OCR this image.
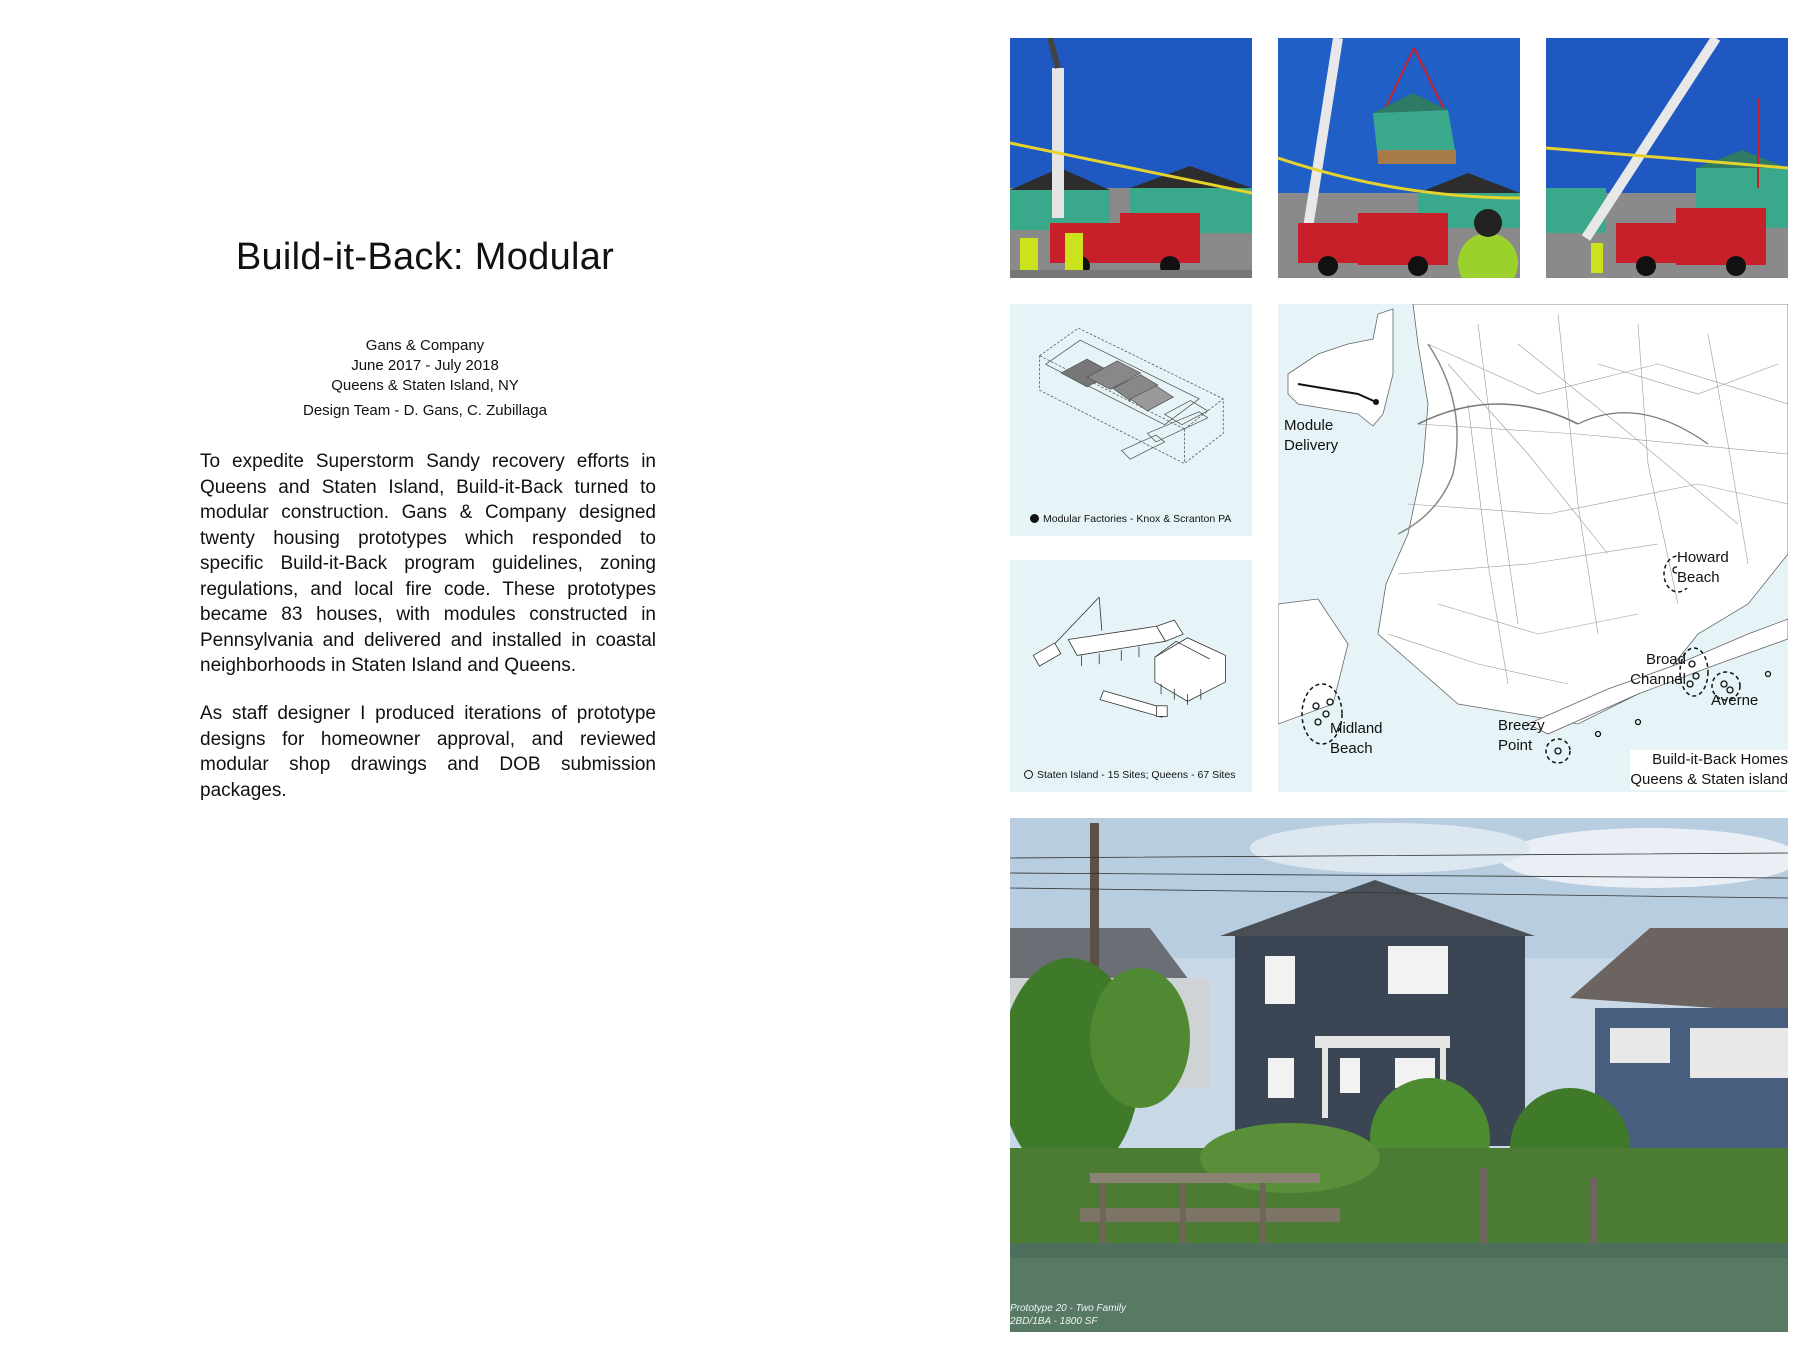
Build-it-Back: Modular
Gans & Company
June 2017 - July 2018
Queens & Staten Island, NY
Design Team - D. Gans, C. Zubillaga

To expedite Superstorm Sandy recovery efforts in Queens and Staten Island, Build-it-Back turned to modular construction. Gans & Company designed twenty housing prototypes which responded to specific Build-it-Back program guidelines, zoning regulations, and local fire code. These prototypes became 83 houses, with modules constructed in Pennsylvania and delivered and installed in coastal neighborhoods in Staten Island and Queens.

As staff designer I produced iterations of prototype designs for homeowner approval, and reviewed modular shop drawings and DOB submission packages.

Modular Factories - Knox & Scranton PA
Staten Island - 15 Sites; Queens - 67 Sites
Module
Delivery
Howard
Beach
Broad
Channel
Averne
Midland
Beach
Breezy
Point
Build-it-Back Homes
Queens & Staten island
Prototype 20 - Two Family
2BD/1BA - 1800 SF
